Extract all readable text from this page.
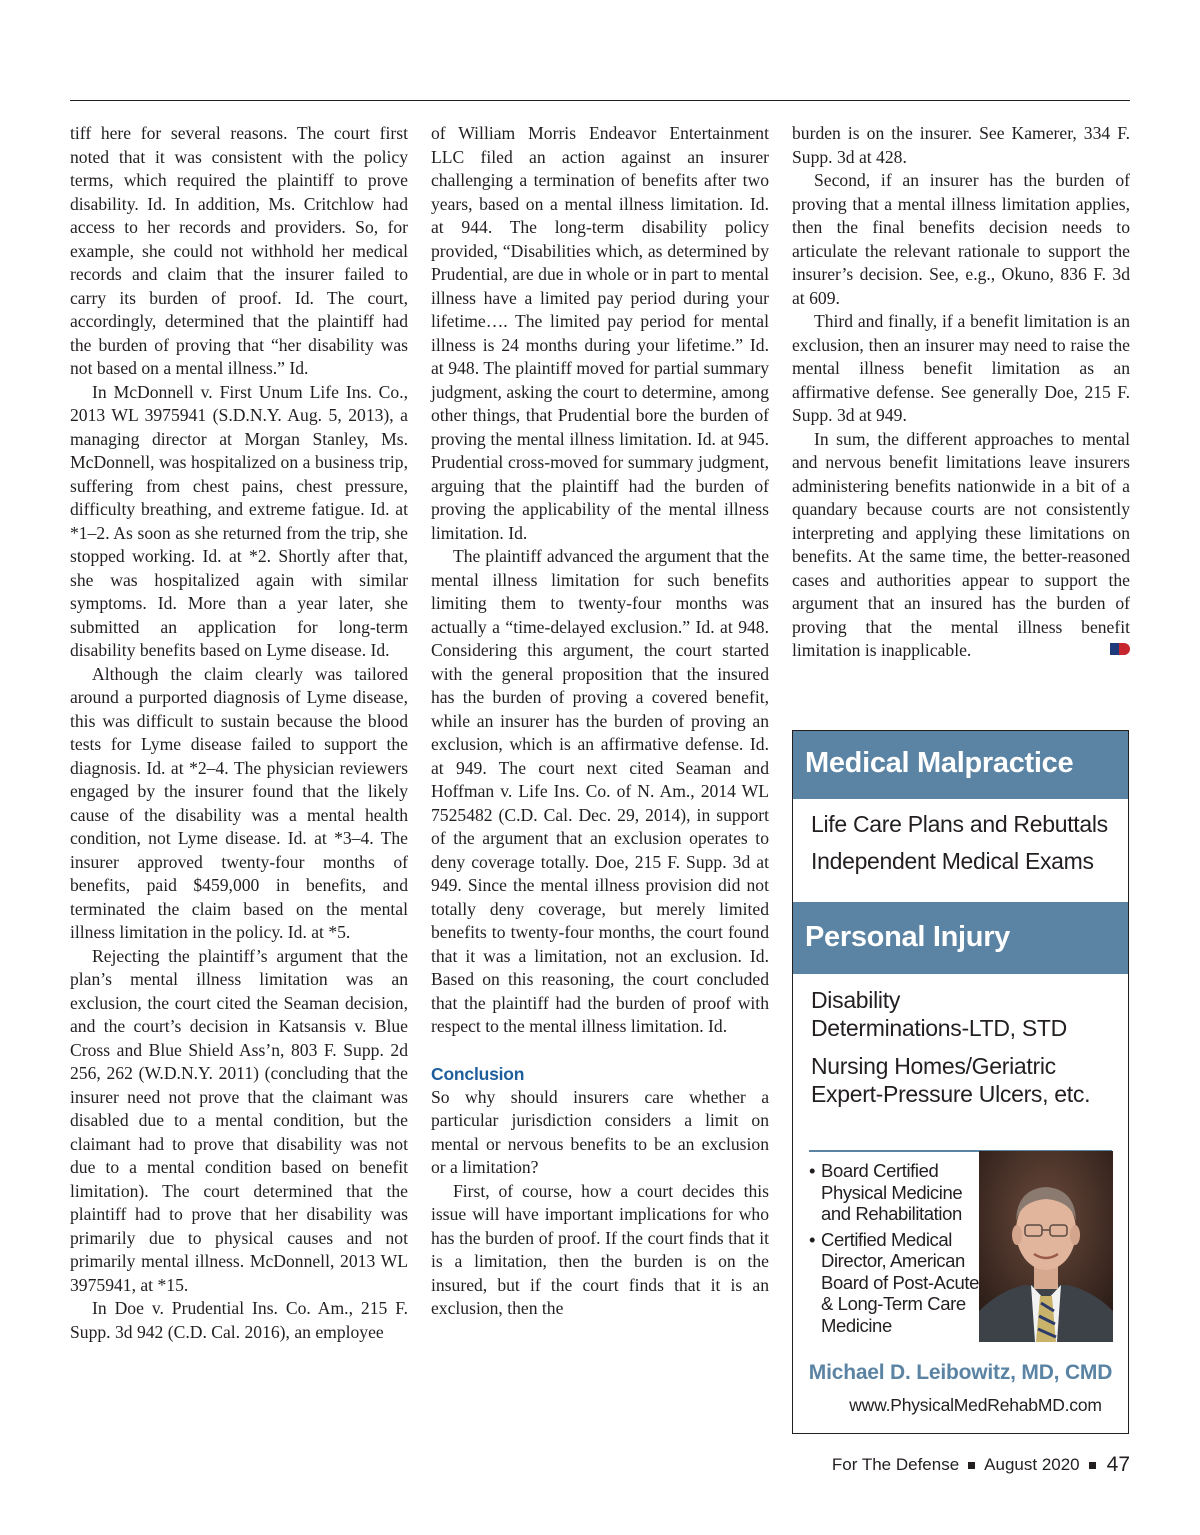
tiff here for several reasons. The court first noted that it was consistent with the policy terms, which required the plaintiff to prove disability. Id. In addition, Ms. Critchlow had access to her records and providers. So, for example, she could not withhold her medical records and claim that the insurer failed to carry its burden of proof. Id. The court, accordingly, determined that the plaintiff had the burden of proving that “her disability was not based on a mental illness.” Id.

In McDonnell v. First Unum Life Ins. Co., 2013 WL 3975941 (S.D.N.Y. Aug. 5, 2013), a managing director at Morgan Stanley, Ms. McDonnell, was hospitalized on a business trip, suffering from chest pains, chest pressure, difficulty breathing, and extreme fatigue. Id. at *1–2. As soon as she returned from the trip, she stopped working. Id. at *2. Shortly after that, she was hospitalized again with similar symptoms. Id. More than a year later, she submitted an application for long-term disability benefits based on Lyme disease. Id.

Although the claim clearly was tailored around a purported diagnosis of Lyme disease, this was difficult to sustain because the blood tests for Lyme disease failed to support the diagnosis. Id. at *2–4. The physician reviewers engaged by the insurer found that the likely cause of the disability was a mental health condition, not Lyme disease. Id. at *3–4. The insurer approved twenty-four months of benefits, paid $459,000 in benefits, and terminated the claim based on the mental illness limitation in the policy. Id. at *5.

Rejecting the plaintiff’s argument that the plan’s mental illness limitation was an exclusion, the court cited the Seaman decision, and the court’s decision in Katsansis v. Blue Cross and Blue Shield Ass’n, 803 F. Supp. 2d 256, 262 (W.D.N.Y. 2011) (concluding that the insurer need not prove that the claimant was disabled due to a mental condition, but the claimant had to prove that disability was not due to a mental condition based on benefit limitation). The court determined that the plaintiff had to prove that her disability was primarily due to physical causes and not primarily mental illness. McDonnell, 2013 WL 3975941, at *15.

In Doe v. Prudential Ins. Co. Am., 215 F. Supp. 3d 942 (C.D. Cal. 2016), an employee

of William Morris Endeavor Entertainment LLC filed an action against an insurer challenging a termination of benefits after two years, based on a mental illness limitation. Id. at 944. The long-term disability policy provided, “Disabilities which, as determined by Prudential, are due in whole or in part to mental illness have a limited pay period during your lifetime…. The limited pay period for mental illness is 24 months during your lifetime.” Id. at 948. The plaintiff moved for partial summary judgment, asking the court to determine, among other things, that Prudential bore the burden of proving the mental illness limitation. Id. at 945. Prudential cross-moved for summary judgment, arguing that the plaintiff had the burden of proving the applicability of the mental illness limitation. Id.

The plaintiff advanced the argument that the mental illness limitation for such benefits limiting them to twenty-four months was actually a “time-delayed exclusion.” Id. at 948. Considering this argument, the court started with the general proposition that the insured has the burden of proving a covered benefit, while an insurer has the burden of proving an exclusion, which is an affirmative defense. Id. at 949. The court next cited Seaman and Hoffman v. Life Ins. Co. of N. Am., 2014 WL 7525482 (C.D. Cal. Dec. 29, 2014), in support of the argument that an exclusion operates to deny coverage totally. Doe, 215 F. Supp. 3d at 949. Since the mental illness provision did not totally deny coverage, but merely limited benefits to twenty-four months, the court found that it was a limitation, not an exclusion. Id. Based on this reasoning, the court concluded that the plaintiff had the burden of proof with respect to the mental illness limitation. Id.

Conclusion

So why should insurers care whether a particular jurisdiction considers a limit on mental or nervous benefits to be an exclusion or a limitation?

First, of course, how a court decides this issue will have important implications for who has the burden of proof. If the court finds that it is a limitation, then the burden is on the insured, but if the court finds that it is an exclusion, then the

burden is on the insurer. See Kamerer, 334 F. Supp. 3d at 428.

Second, if an insurer has the burden of proving that a mental illness limitation applies, then the final benefits decision needs to articulate the relevant rationale to support the insurer’s decision. See, e.g., Okuno, 836 F. 3d at 609.

Third and finally, if a benefit limitation is an exclusion, then an insurer may need to raise the mental illness benefit limitation as an affirmative defense. See generally Doe, 215 F. Supp. 3d at 949.

In sum, the different approaches to mental and nervous benefit limitations leave insurers administering benefits nationwide in a bit of a quandary because courts are not consistently interpreting and applying these limitations on benefits. At the same time, the better-reasoned cases and authorities appear to support the argument that an insured has the burden of proving that the mental illness benefit limitation is inapplicable.

Medical Malpractice
Life Care Plans and Rebuttals
Independent Medical Exams
Personal Injury
Disability
Determinations-LTD, STD
Nursing Homes/Geriatric
Expert-Pressure Ulcers, etc.
• Board Certified Physical Medicine and Rehabilitation
• Certified Medical Director, American Board of Post-Acute & Long-Term Care Medicine
Michael D. Leibowitz, MD, CMD
www.PhysicalMedRehabMD.com
For The Defense August 2020 47
